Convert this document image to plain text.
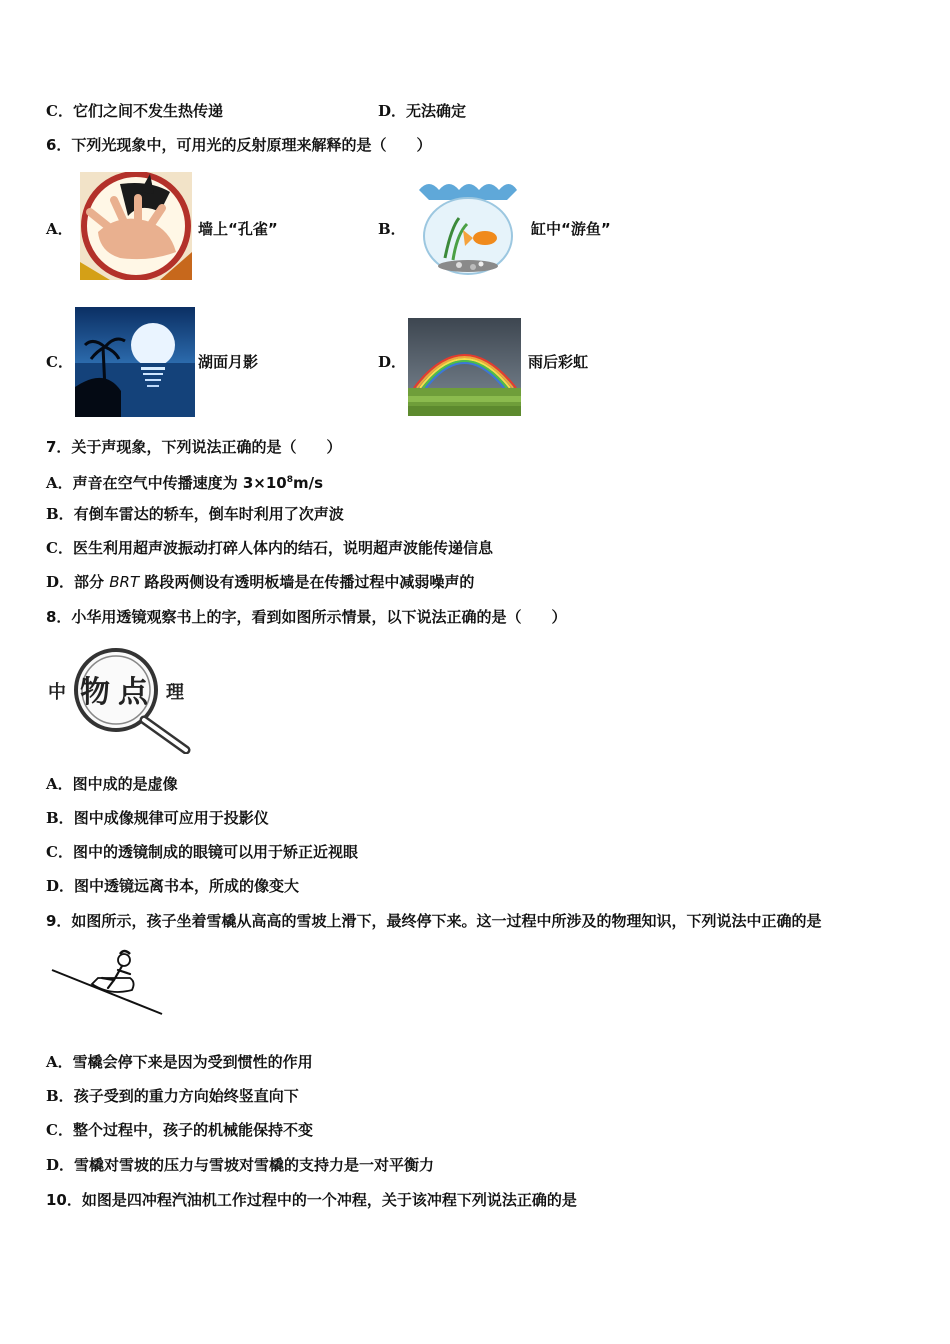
C．它们之间不发生热传递	D．无法确定
6．下列光现象中，可用光的反射原理来解释的是（　　）
A．	墙上“孔雀”	B．	缸中“游鱼”
C．	湖面月影	D．	雨后彩虹
7．关于声现象，下列说法正确的是（　　）
A．声音在空气中传播速度为 $3\times 10^8m/s$
B．有倒车雷达的轿车，倒车时利用了次声波
C．医生利用超声波振动打碎人体内的结石，说明超声波能传递信息
D．部分 BRT 路段两侧设有透明板墙是在传播过程中减弱噪声的
8．小华用透镜观察书上的字，看到如图所示情景，以下说法正确的是（　　）
中 物 点 理
A．图中成的是虚像
B．图中成像规律可应用于投影仪
C．图中的透镜制成的眼镜可以用于矫正近视眼
D．图中透镜远离书本，所成的像变大
9．如图所示，孩子坐着雪橇从高高的雪坡上滑下，最终停下来。这一过程中所涉及的物理知识，下列说法中正确的是
A．雪橇会停下来是因为受到惯性的作用
B．孩子受到的重力方向始终竖直向下
C．整个过程中，孩子的机械能保持不变
D．雪橇对雪坡的压力与雪坡对雪橇的支持力是一对平衡力
10．如图是四冲程汽油机工作过程中的一个冲程，关于该冲程下列说法正确的是
